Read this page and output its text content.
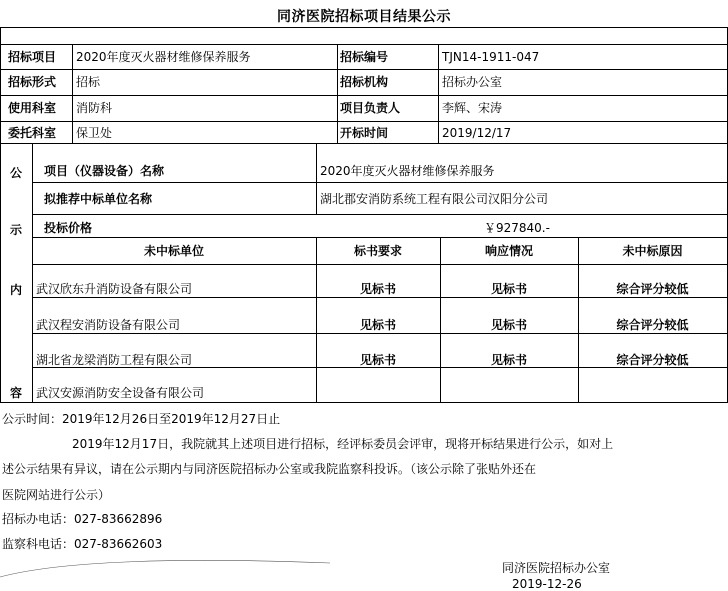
同济医院招标项目结果公示
招标项目 2020年度灭火器材维修保养服务	招标编号	TJN14-1911-047
招标形式 招标	招标机构	招标办公室
使用科室 消防科	项目负责人	李辉、宋涛
委托科室 保卫处	开标时间	2019/12/17
公
示
内
容
项目（仪器设备）名称	2020年度灭火器材维修保养服务
拟推荐中标单位名称	湖北郡安消防系统工程有限公司汉阳分公司
投标价格	￥927840.-
未中标单位	标书要求	响应情况	未中标原因
武汉欣东升消防设备有限公司	见标书	见标书	综合评分较低
武汉程安消防设备有限公司	见标书	见标书	综合评分较低
湖北省龙梁消防工程有限公司	见标书	见标书	综合评分较低
武汉安源消防安全设备有限公司
公示时间：2019年12月26日至2019年12月27日止
2019年12月17日，我院就其上述项目进行招标，经评标委员会评审，现将开标结果进行公示，如对上
述公示结果有异议，请在公示期内与同济医院招标办公室或我院监察科投诉。（该公示除了张贴外还在
医院网站进行公示）
招标办电话：027-83662896
监察科电话：027-83662603
同济医院招标办公室
2019-12-26
